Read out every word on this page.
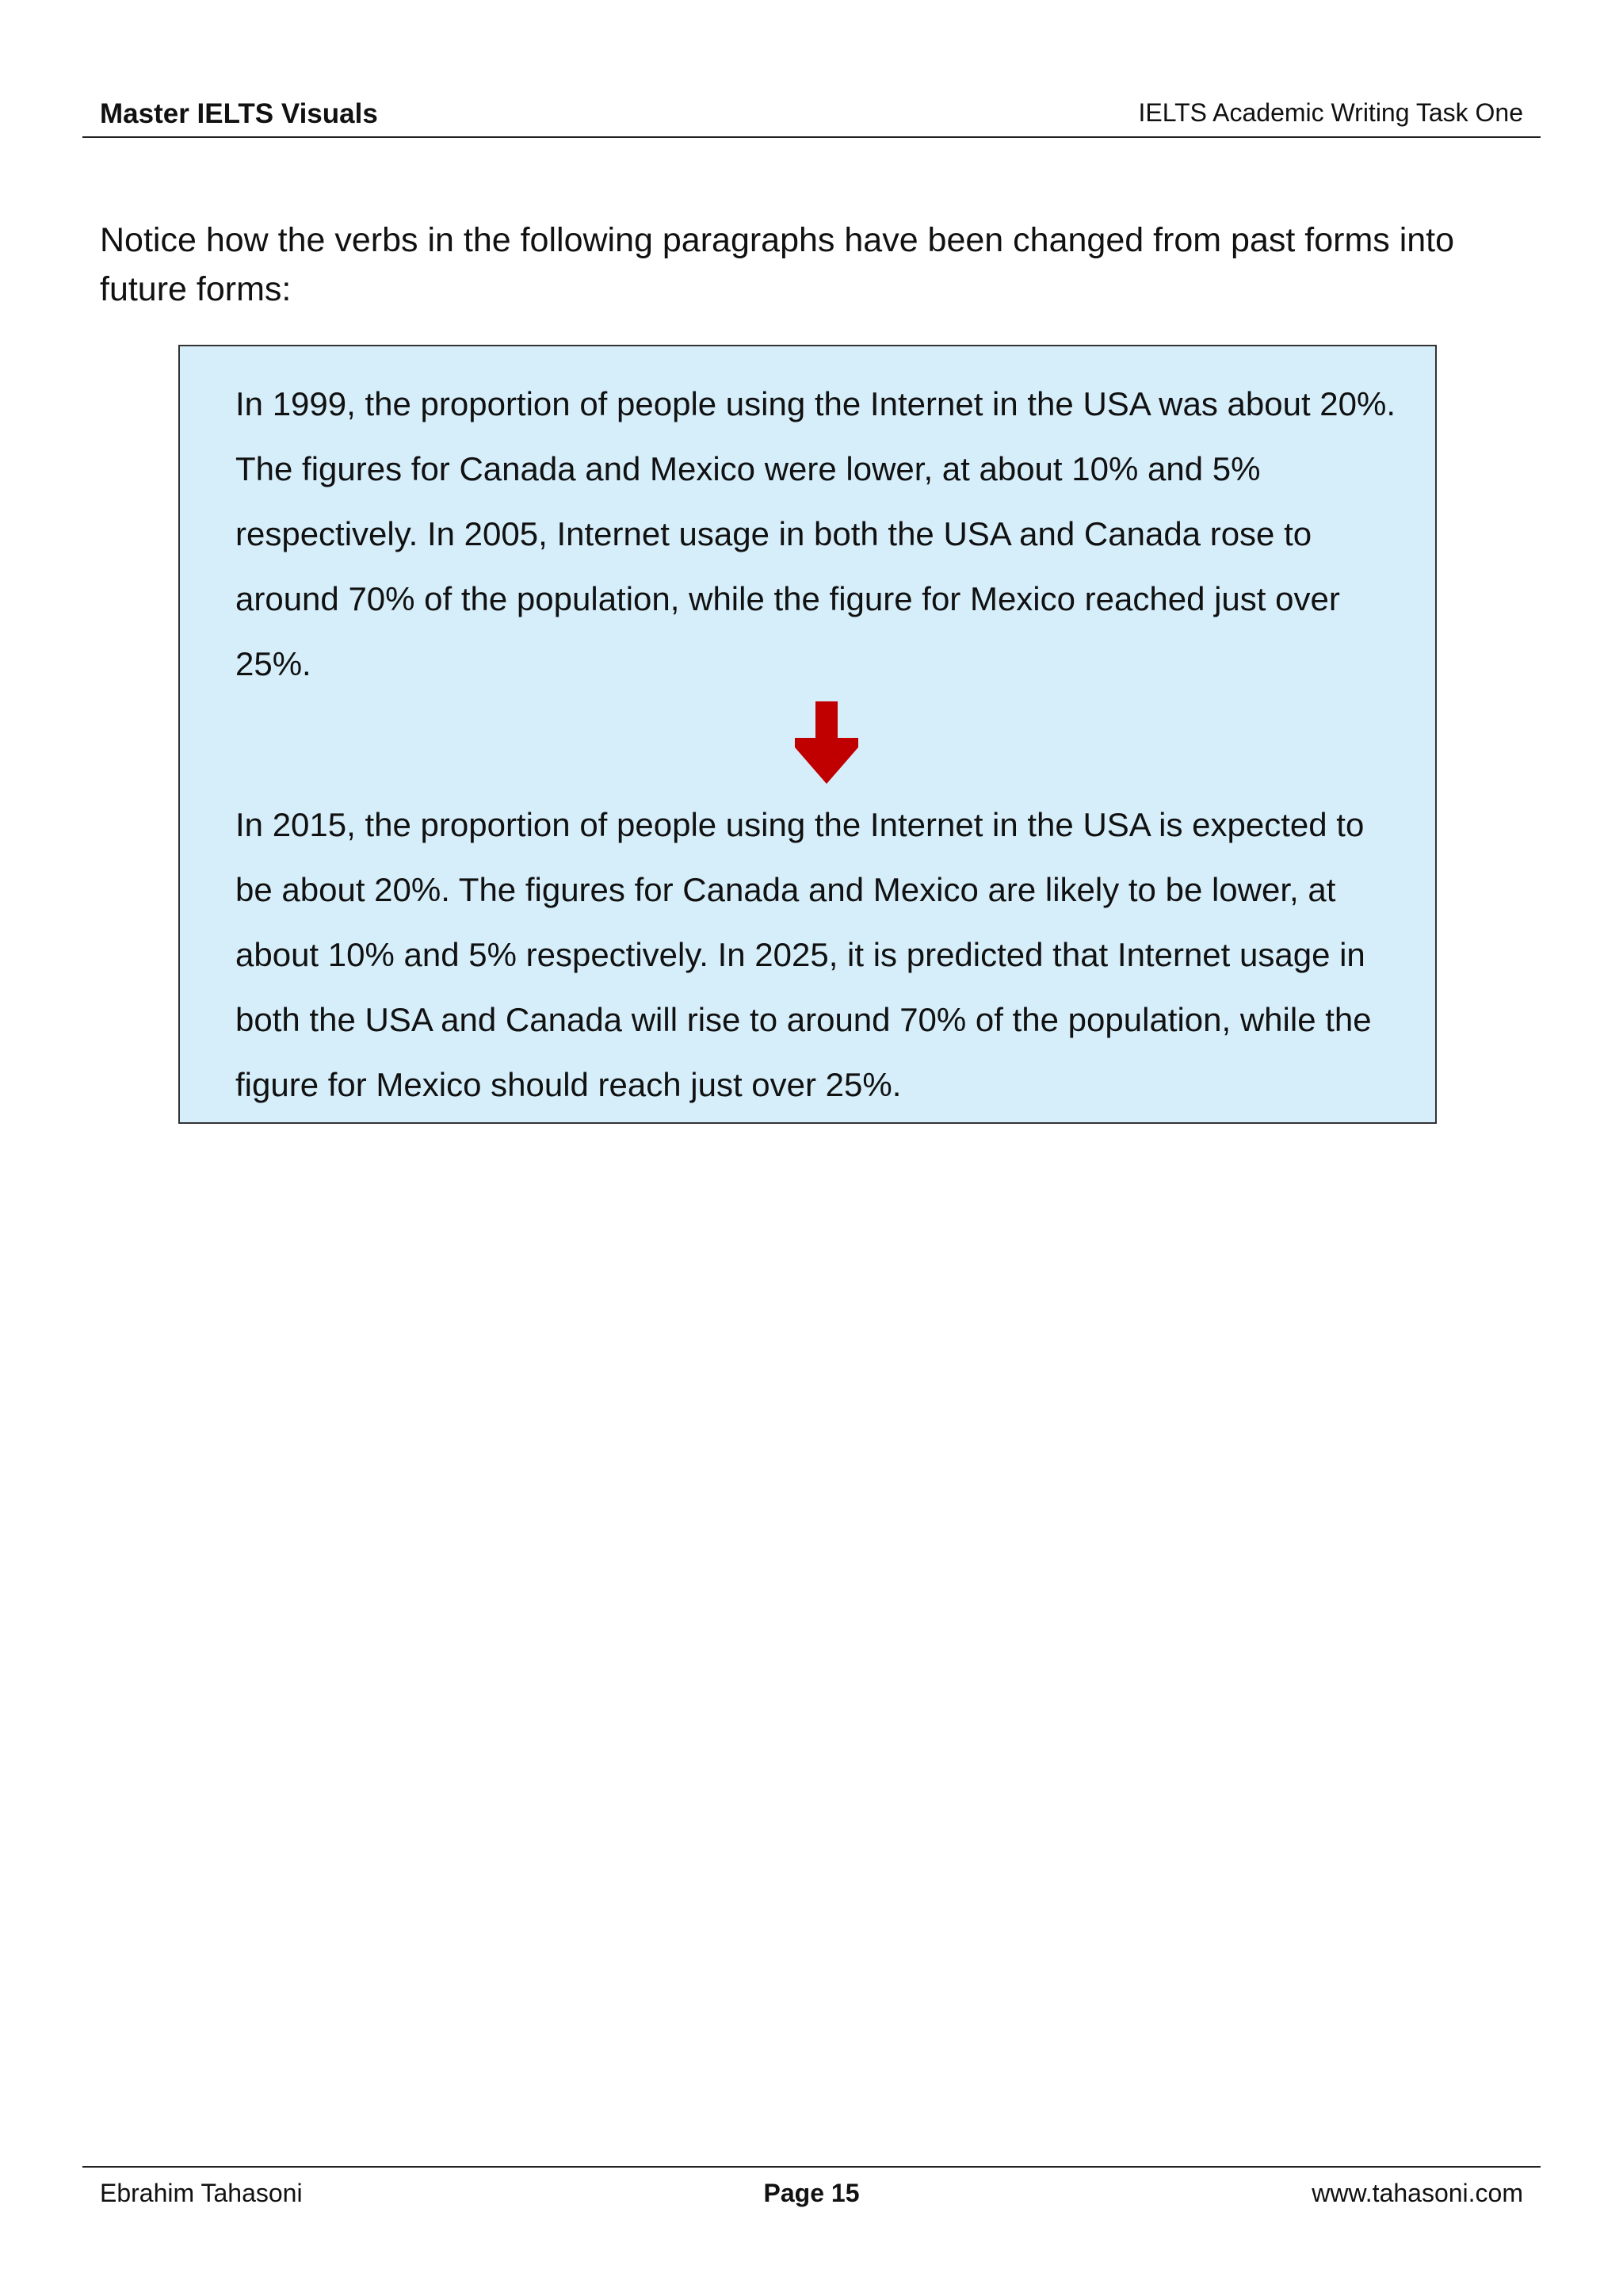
Master IELTS Visuals	IELTS Academic Writing Task One
Notice how the verbs in the following paragraphs have been changed from past forms into future forms:
In 1999, the proportion of people using the Internet in the USA was about 20%. The figures for Canada and Mexico were lower, at about 10% and 5% respectively. In 2005, Internet usage in both the USA and Canada rose to around 70% of the population, while the figure for Mexico reached just over 25%.
In 2015, the proportion of people using the Internet in the USA is expected to be about 20%. The figures for Canada and Mexico are likely to be lower, at about 10% and 5% respectively. In 2025, it is predicted that Internet usage in both the USA and Canada will rise to around 70% of the population, while the figure for Mexico should reach just over 25%.
Ebrahim Tahasoni	Page 15	www.tahasoni.com
